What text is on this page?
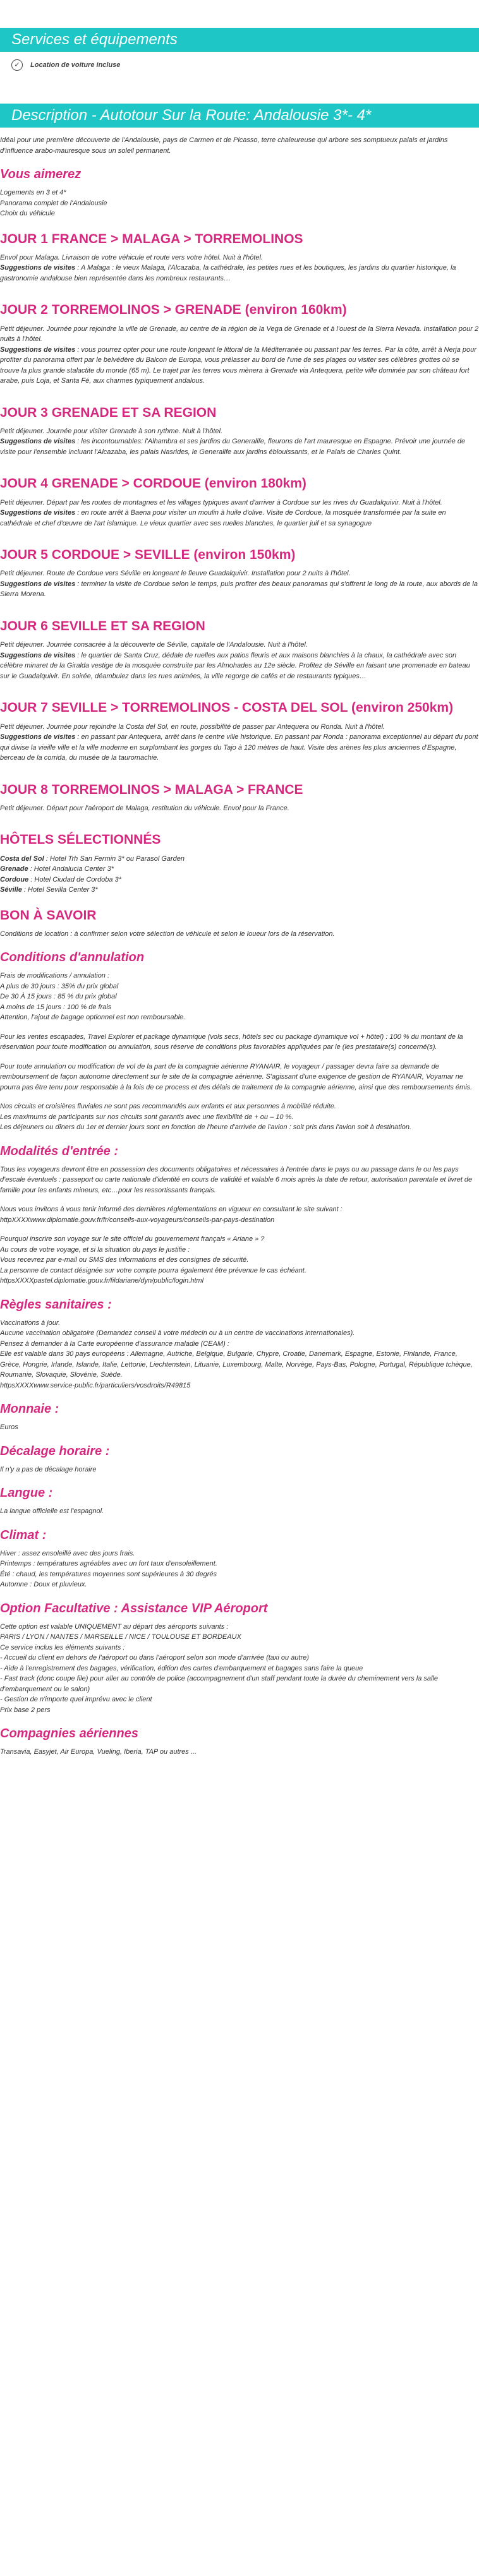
Services et équipements
✓	Location de voiture incluse
Description - Autotour Sur la Route: Andalousie 3*- 4*

Idéal pour une première découverte de l'Andalousie, pays de Carmen et de Picasso, terre chaleureuse qui arbore ses somptueux palais et jardins d'influence arabo-mauresque sous un soleil permanent.

Vous aimerez

Logements en 3 et 4*

Panorama complet de l'Andalousie

Choix du véhicule

JOUR 1 FRANCE > MALAGA > TORREMOLINOS

Envol pour Malaga. Livraison de votre véhicule et route vers votre hôtel. Nuit à l'hôtel.

Suggestions de visites : A Malaga : le vieux Malaga, l'Alcazaba, la cathédrale, les petites rues et les boutiques, les jardins du quartier historique, la gastronomie andalouse bien représentée dans les nombreux restaurants…

JOUR 2 TORREMOLINOS > GRENADE (environ 160km)

Petit déjeuner. Journée pour rejoindre la ville de Grenade, au centre de la région de la Vega de Grenade et à l'ouest de la Sierra Nevada. Installation pour 2 nuits à l'hôtel.

Suggestions de visites : vous pourrez opter pour une route longeant le littoral de la Méditerranée ou passant par les terres. Par la côte, arrêt à Nerja pour profiter du panorama offert par le belvédère du Balcon de Europa, vous prélasser au bord de l'une de ses plages ou visiter ses célèbres grottes où se trouve la plus grande stalactite du monde (65 m). Le trajet par les terres vous mènera à Grenade via Antequera, petite ville dominée par son château fort arabe, puis Loja, et Santa Fé, aux charmes typiquement andalous.

JOUR 3 GRENADE ET SA REGION

Petit déjeuner. Journée pour visiter Grenade à son rythme. Nuit à l'hôtel.

Suggestions de visites : les incontournables: l'Alhambra et ses jardins du Generalife, fleurons de l'art mauresque en Espagne. Prévoir une journée de visite pour l'ensemble incluant l'Alcazaba, les palais Nasrides, le Generalife aux jardins éblouissants, et le Palais de Charles Quint.

JOUR 4 GRENADE > CORDOUE (environ 180km)

Petit déjeuner. Départ par les routes de montagnes et les villages typiques avant d'arriver à Cordoue sur les rives du Guadalquivir. Nuit à l'hôtel.

Suggestions de visites : en route arrêt à Baena pour visiter un moulin à huile d'olive. Visite de Cordoue, la mosquée transformée par la suite en cathédrale et chef d'œuvre de l'art islamique. Le vieux quartier avec ses ruelles blanches, le quartier juif et sa synagogue

JOUR 5 CORDOUE > SEVILLE (environ 150km)

Petit déjeuner. Route de Cordoue vers Séville en longeant le fleuve Guadalquivir. Installation pour 2 nuits à l'hôtel.

Suggestions de visites : terminer la visite de Cordoue selon le temps, puis profiter des beaux panoramas qui s'offrent le long de la route, aux abords de la Sierra Morena.

JOUR 6 SEVILLE ET SA REGION

Petit déjeuner. Journée consacrée à la découverte de Séville, capitale de l'Andalousie. Nuit à l'hôtel.

Suggestions de visites : le quartier de Santa Cruz, dédale de ruelles aux patios fleuris et aux maisons blanchies à la chaux, la cathédrale avec son célèbre minaret de la Giralda vestige de la mosquée construite par les Almohades au 12e siècle. Profitez de Séville en faisant une promenade en bateau sur le Guadalquivir. En soirée, déambulez dans les rues animées, la ville regorge de cafés et de restaurants typiques…

JOUR 7 SEVILLE > TORREMOLINOS - COSTA DEL SOL (environ 250km)

Petit déjeuner. Journée pour rejoindre la Costa del Sol, en route, possibilité de passer par Antequera ou Ronda. Nuit à l'hôtel.

Suggestions de visites : en passant par Antequera, arrêt dans le centre ville historique. En passant par Ronda : panorama exceptionnel au départ du pont qui divise la vieille ville et la ville moderne en surplombant les gorges du Tajo à 120 mètres de haut. Visite des arènes les plus anciennes d'Espagne, berceau de la corrida, du musée de la tauromachie.

JOUR 8 TORREMOLINOS > MALAGA > FRANCE

Petit déjeuner. Départ pour l'aéroport de Malaga, restitution du véhicule. Envol pour la France.

HÔTELS SÉLECTIONNÉS

Costa del Sol : Hotel Trh San Fermin 3* ou Parasol Garden

Grenade : Hotel Andalucia Center 3*

Cordoue : Hotel Ciudad de Cordoba 3*

Séville : Hotel Sevilla Center 3*

BON À SAVOIR

Conditions de location : à confirmer selon votre sélection de véhicule et selon le loueur lors de la réservation.

Conditions d'annulation

Frais de modifications / annulation :

A plus de 30 jours : 35% du prix global

De 30 À 15 jours : 85 % du prix global

A moins de 15 jours : 100 % de frais

Attention, l'ajout de bagage optionnel est non remboursable.

Pour les ventes escapades, Travel Explorer et package dynamique (vols secs, hôtels sec ou package dynamique vol + hôtel) : 100 % du montant de la réservation pour toute modification ou annulation, sous réserve de conditions plus favorables appliquées par le (les prestataire(s) concerné(s).

Pour toute annulation ou modification de vol de la part de la compagnie aérienne RYANAIR, le voyageur / passager devra faire sa demande de remboursement de façon autonome directement sur le site de la compagnie aérienne. S'agissant d'une exigence de gestion de RYANAIR, Voyamar ne pourra pas être tenu pour responsable à la fois de ce process et des délais de traitement de la compagnie aérienne, ainsi que des remboursements émis.

Nos circuits et croisières fluviales ne sont pas recommandés aux enfants et aux personnes à mobilité réduite.

Les maximums de participants sur nos circuits sont garantis avec une flexibilité de + ou – 10 %.

Les déjeuners ou dîners du 1er et dernier jours sont en fonction de l'heure d'arrivée de l'avion : soit pris dans l'avion soit à destination.

Modalités d'entrée :

Tous les voyageurs devront être en possession des documents obligatoires et nécessaires à l'entrée dans le pays ou au passage dans le ou les pays d'escale éventuels : passeport ou carte nationale d'identité en cours de validité et valable 6 mois après la date de retour, autorisation parentale et livret de famille pour les enfants mineurs, etc…pour les ressortissants français.

Nous vous invitons à vous tenir informé des dernières réglementations en vigueur en consultant le site suivant : httpXXXXwww.diplomatie.gouv.fr/fr/conseils-aux-voyageurs/conseils-par-pays-destination

Pourquoi inscrire son voyage sur le site officiel du gouvernement français « Ariane » ?

Au cours de votre voyage, et si la situation du pays le justifie :

Vous recevrez par e-mail ou SMS des informations et des consignes de sécurité.

La personne de contact désignée sur votre compte pourra également être prévenue le cas échéant.

httpsXXXXpastel.diplomatie.gouv.fr/fildariane/dyn/public/login.html

Règles sanitaires :

Vaccinations à jour.

Aucune vaccination obligatoire (Demandez conseil à votre médecin ou à un centre de vaccinations internationales).

Pensez à demander à la Carte européenne d'assurance maladie (CEAM) :

Elle est valable dans 30 pays européens : Allemagne, Autriche, Belgique, Bulgarie, Chypre, Croatie, Danemark, Espagne, Estonie, Finlande, France, Grèce, Hongrie, Irlande, Islande, Italie, Lettonie, Liechtenstein, Lituanie, Luxembourg, Malte, Norvège, Pays-Bas, Pologne, Portugal, République tchèque, Roumanie, Slovaquie, Slovénie, Suède.

httpsXXXXwww.service-public.fr/particuliers/vosdroits/R49815

Monnaie :

Euros

Décalage horaire :

Il n'y a pas de décalage horaire

Langue :

La langue officielle est l'espagnol.

Climat :

Hiver : assez ensoleillé avec des jours frais.

Printemps : températures agréables avec un fort taux d'ensoleillement.

Été : chaud, les températures moyennes sont supérieures à 30 degrés

Automne : Doux et pluvieux.

Option Facultative : Assistance VIP Aéroport

Cette option est valable UNIQUEMENT au départ des aéroports suivants :

PARIS / LYON / NANTES / MARSEILLE / NICE / TOULOUSE ET BORDEAUX

Ce service inclus les éléments suivants :

- Accueil du client en dehors de l'aéroport ou dans l'aéroport selon son mode d'arrivée (taxi ou autre)

- Aide à l'enregistrement des bagages, vérification, édition des cartes d'embarquement et bagages sans faire la queue

- Fast track (donc coupe file) pour aller au contrôle de police (accompagnement d'un staff pendant toute la durée du cheminement vers la salle d'embarquement ou le salon)

- Gestion de n'importe quel imprévu avec le client

Prix base 2 pers

Compagnies aériennes

Transavia, Easyjet, Air Europa, Vueling, Iberia, TAP ou autres ...
